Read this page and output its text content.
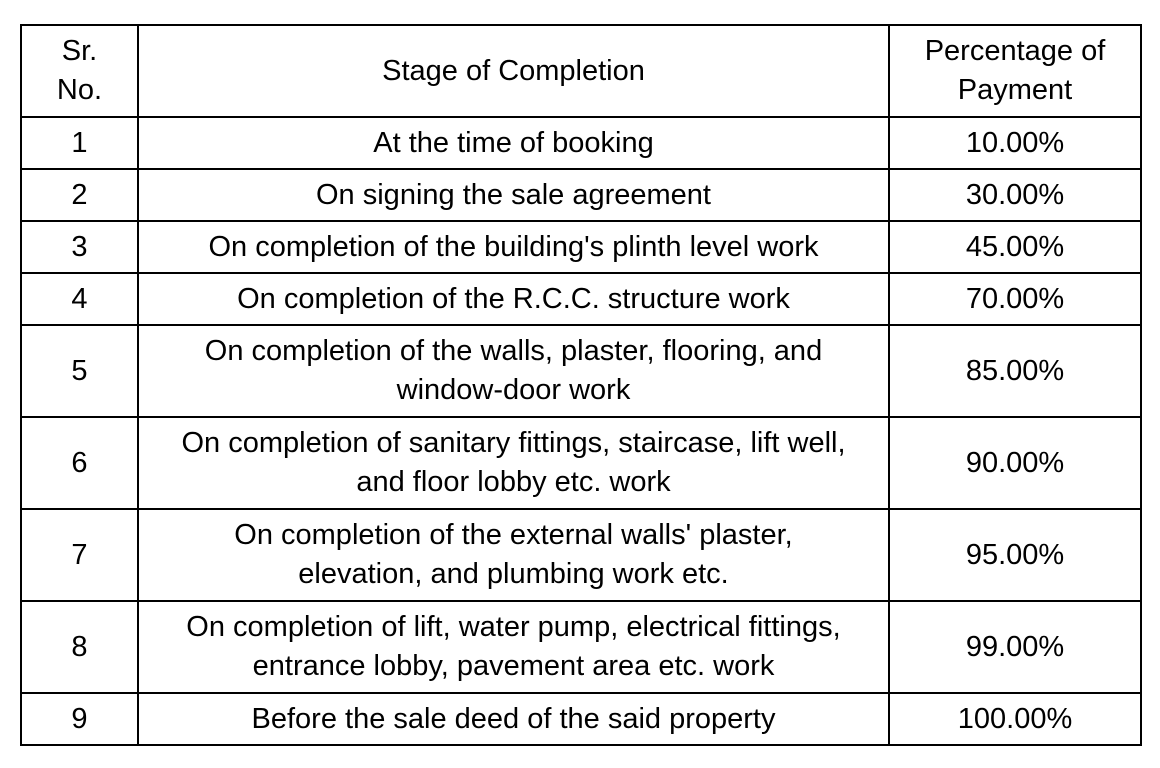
Sr. No.	Stage of Completion	Percentage of Payment
1	At the time of booking	10.00%
2	On signing the sale agreement	30.00%
3	On completion of the building's plinth level work	45.00%
4	On completion of the R.C.C. structure work	70.00%
5	On completion of the walls, plaster, flooring, and window-door work	85.00%
6	On completion of sanitary fittings, staircase, lift well, and floor lobby etc. work	90.00%
7	On completion of the external walls' plaster, elevation, and plumbing work etc.	95.00%
8	On completion of lift, water pump, electrical fittings, entrance lobby, pavement area etc. work	99.00%
9	Before the sale deed of the said property	100.00%
